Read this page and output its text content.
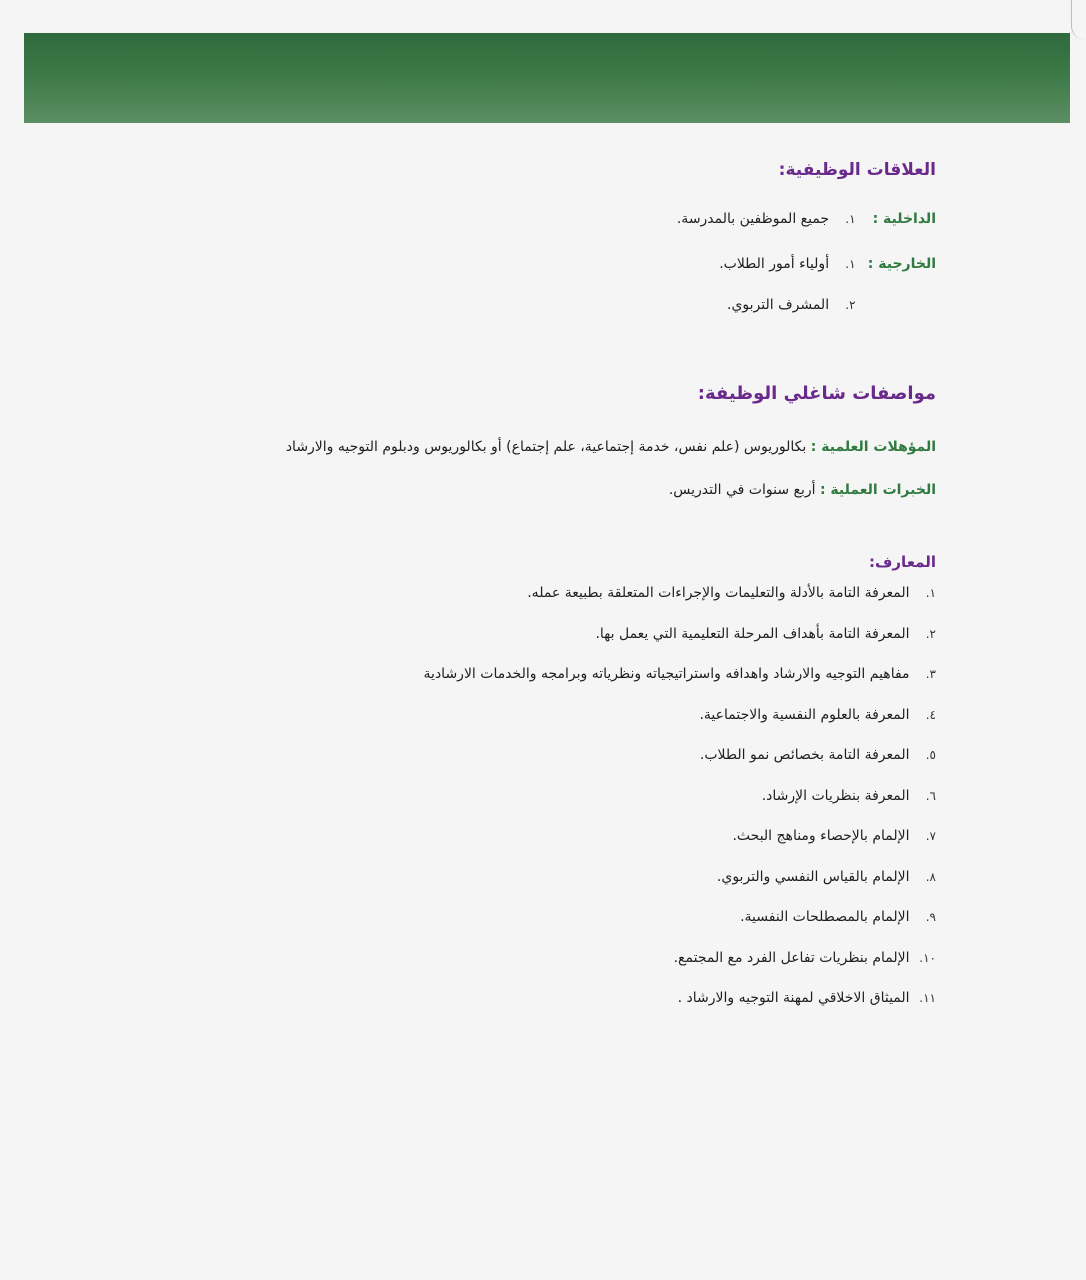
العلاقات الوظيفية:
الداخلية : ١. جميع الموظفين بالمدرسة.
الخارجية : ١. أولياء أمور الطلاب.
٢. المشرف التربوي.
مواصفات شاغلي الوظيفة:
المؤهلات العلمية : بكالوريوس (علم نفس، خدمة إجتماعية، علم إجتماع) أو بكالوريوس ودبلوم التوجيه والارشاد
الخبرات العملية : أربع سنوات في التدريس.
المعارف:
١. المعرفة التامة بالأدلة والتعليمات والإجراءات المتعلقة بطبيعة عمله.
٢. المعرفة التامة بأهداف المرحلة التعليمية التي يعمل بها.
٣. مفاهيم التوجيه والارشاد واهدافه واستراتيجياته ونظرياته وبرامجه والخدمات الارشادية
٤. المعرفة بالعلوم النفسية والاجتماعية.
٥. المعرفة التامة بخصائص نمو الطلاب.
٦. المعرفة بنظريات الإرشاد.
٧. الإلمام بالإحصاء ومناهج البحث.
٨. الإلمام بالقياس النفسي والتربوي.
٩. الإلمام بالمصطلحات النفسية.
١٠. الإلمام بنظريات تفاعل الفرد مع المجتمع.
١١. الميثاق الاخلاقي لمهنة التوجيه والارشاد .
